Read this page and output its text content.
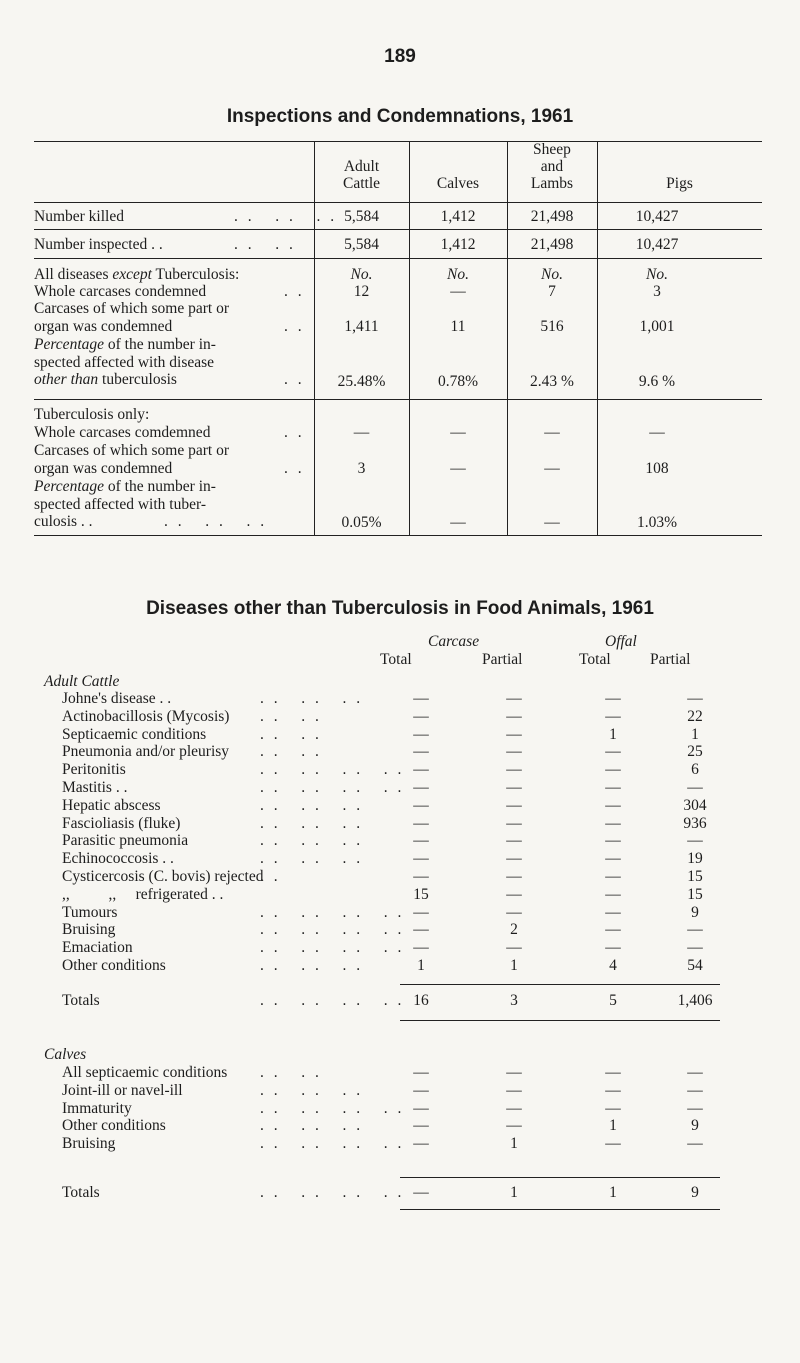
189
Inspections and Condemnations, 1961
Adult
Cattle	Calves
Sheep
and
Lambs	Pigs
Number killed	. .   . .   . . 5,584	1,412	21,498	10,427
Number inspected . .	. .   . .	5,584	1,412	21,498	10,427
All diseases except Tuberculosis:	No.	No.	No.	No.
Whole carcases condemned	. .	12	—	7	3
Carcases of which some part or
organ was condemned	. .	1,411	11	516	1,001
Percentage of the number in-
spected affected with disease
other than tuberculosis	. .	25.48%	0.78%	2.43 %	9.6 %
Tuberculosis only:
Whole carcases comdemned	. .	—	—	—	—
Carcases of which some part or
organ was condemned	. .	3	—	—	108
Percentage of the number in-
spected affected with tuber-
culosis . .	. .   . .   . .	0.05%	—	—	1.03%
Diseases other than Tuberculosis in Food Animals, 1961
Carcase	Offal
Total	Partial	Total	Partial
Adult Cattle
Johne's disease . .	. .   . .   . .	—	—	—	—
Actinobacillosis (Mycosis) . .   . .	—	—	—	22
Septicaemic conditions	. .   . .	—	—	1	1
Pneumonia and/or pleurisy . .   . .	—	—	—	25
Peritonitis	. .   . .   . .   . . —	—	—	6
Mastitis . .	. .   . .   . .   . . —	—	—	—
Hepatic abscess	. .   . .   . .	—	—	—	304
Fascioliasis (fluke)	. .   . .   . .	—	—	—	936
Parasitic pneumonia	. .   . .   . .	—	—	—	—
Echinococcosis . .	. .   . .   . .	—	—	—	19
Cysticercosis (C. bovis) rejected
. .	—	—	—	15
,,          ,,     refrigerated . .	15	—	—	15
Tumours	. .   . .   . .   . . —	—	—	9
Bruising	. .   . .   . .   . . —	2	—	—
Emaciation	. .   . .   . .   . . —	—	—	—
Other conditions	. .   . .   . .	1	1	4	54
Totals	. .   . .   . .   . . 16	3	5	1,406
Calves
All septicaemic conditions . .   . .	—	—	—	—
Joint-ill or navel-ill	. .   . .   . .	—	—	—	—
Immaturity	. .   . .   . .   . . —	—	—	—
Other conditions	. .   . .   . .	—	—	1	9
Bruising	. .   . .   . .   . . —	1	—	—
Totals	. .   . .   . .   . . —	1	1	9
